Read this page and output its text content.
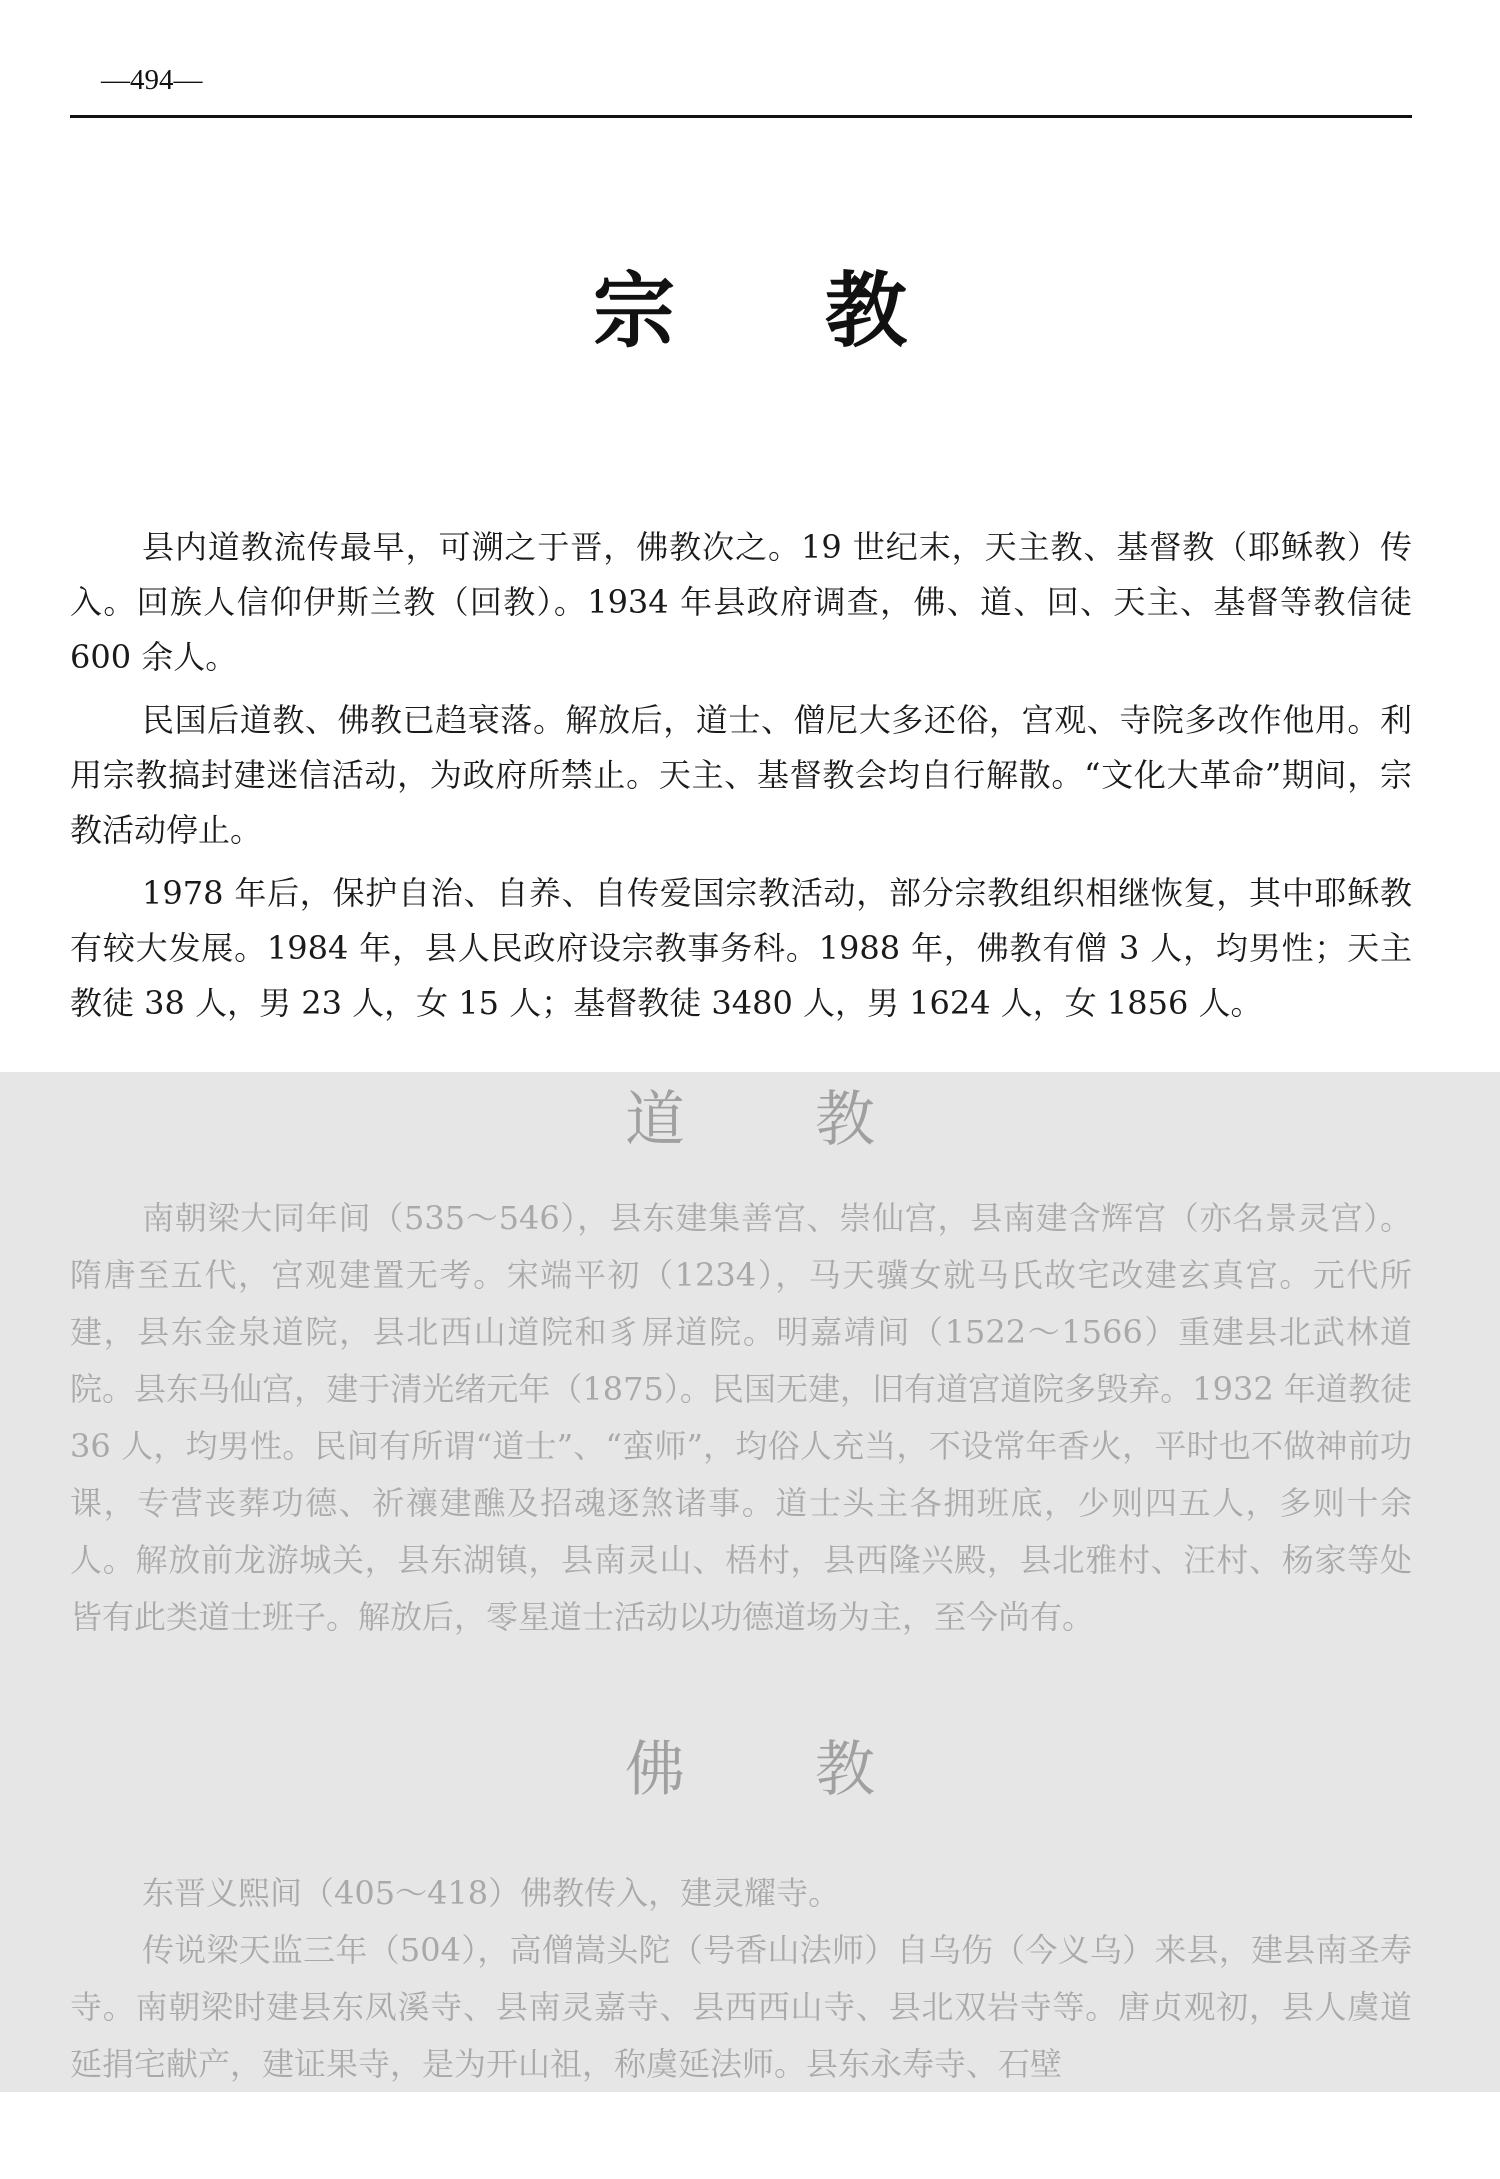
—494—
宗教

县内道教流传最早，可溯之于晋，佛教次之。19 世纪末，天主教、基督教（耶稣教）传入。回族人信仰伊斯兰教（回教）。1934 年县政府调查，佛、道、回、天主、基督等教信徒 600 余人。

民国后道教、佛教已趋衰落。解放后，道士、僧尼大多还俗，宫观、寺院多改作他用。利用宗教搞封建迷信活动，为政府所禁止。天主、基督教会均自行解散。“文化大革命”期间，宗教活动停止。

1978 年后，保护自治、自养、自传爱国宗教活动，部分宗教组织相继恢复，其中耶稣教有较大发展。1984 年，县人民政府设宗教事务科。1988 年，佛教有僧 3 人，均男性；天主教徒 38 人，男 23 人，女 15 人；基督教徒 3480 人，男 1624 人，女 1856 人。

道教

南朝梁大同年间（535～546），县东建集善宫、崇仙宫，县南建含辉宫（亦名景灵宫）。隋唐至五代，宫观建置无考。宋端平初（1234），马天骥女就马氏故宅改建玄真宫。元代所建，县东金泉道院，县北西山道院和豸屏道院。明嘉靖间（1522～1566）重建县北武林道院。县东马仙宫，建于清光绪元年（1875）。民国无建，旧有道宫道院多毁弃。1932 年道教徒 36 人，均男性。民间有所谓“道士”、“蛮师”，均俗人充当，不设常年香火，平时也不做神前功课，专营丧葬功德、祈禳建醮及招魂逐煞诸事。道士头主各拥班底，少则四五人，多则十余人。解放前龙游城关，县东湖镇，县南灵山、梧村，县西隆兴殿，县北雅村、汪村、杨家等处皆有此类道士班子。解放后，零星道士活动以功德道场为主，至今尚有。

佛教

东晋义熙间（405～418）佛教传入，建灵耀寺。

传说梁天监三年（504），高僧嵩头陀（号香山法师）自乌伤（今义乌）来县，建县南圣寿寺。南朝梁时建县东凤溪寺、县南灵嘉寺、县西西山寺、县北双岩寺等。唐贞观初，县人虞道延捐宅献产，建证果寺，是为开山祖，称虞延法师。县东永寿寺、石壁
